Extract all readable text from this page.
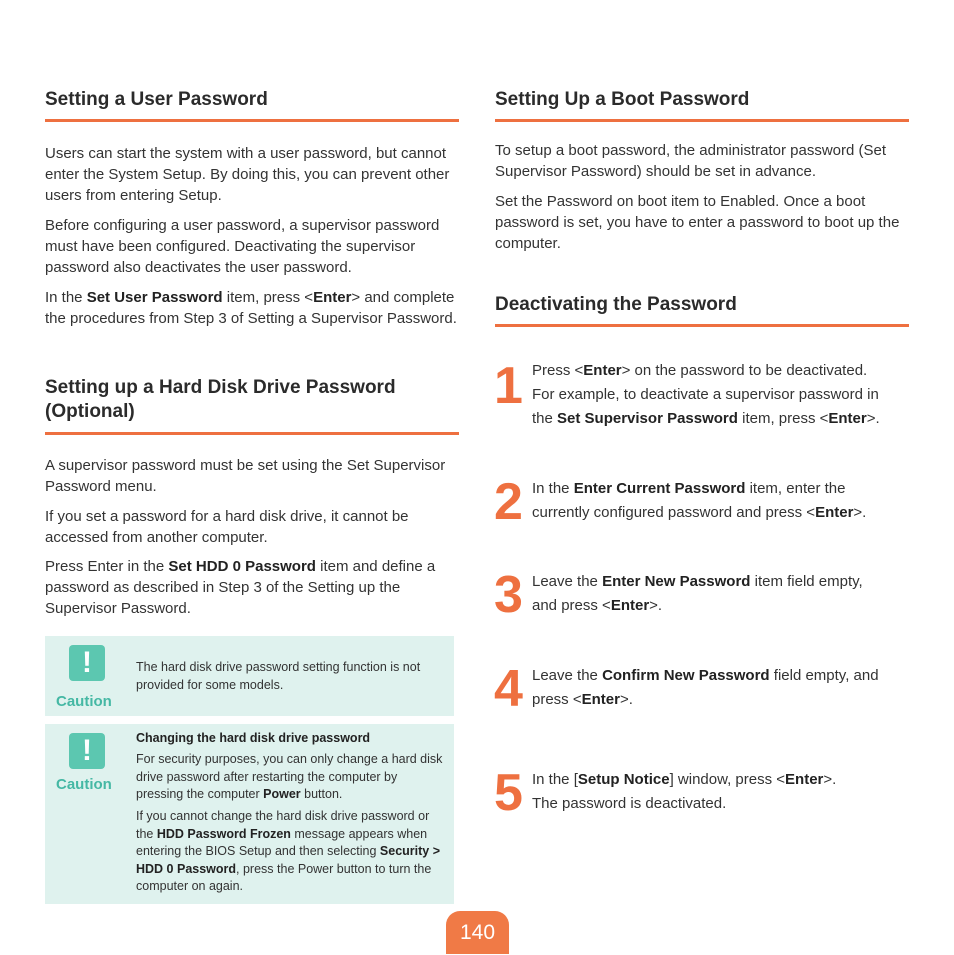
Setting a User Password

Users can start the system with a user password, but cannot enter the System Setup. By doing this, you can prevent other users from entering Setup.

Before configuring a user password, a supervisor password must have been configured. Deactivating the supervisor password also deactivates the user password.

In the Set User Password item, press <Enter> and complete the procedures from Step 3 of Setting a Supervisor Password.

Setting up a Hard Disk Drive Password
(Optional)

A supervisor password must be set using the Set Supervisor Password menu.

If you set a password for a hard disk drive, it cannot be accessed from another computer.

Press Enter in the Set HDD 0 Password item and define a password as described in Step 3 of the Setting up the Supervisor Password.

!
Caution

The hard disk drive password setting function is not provided for some models.

!
Caution

Changing the hard disk drive password

For security purposes, you can only change a hard disk drive password after restarting the computer by pressing the computer Power button.

If you cannot change the hard disk drive password or the HDD Password Frozen message appears when entering the BIOS Setup and then selecting Security > HDD 0 Password, press the Power button to turn the computer on again.

Setting Up a Boot Password

To setup a boot password, the administrator password (Set Supervisor Password) should be set in advance.

Set the Password on boot item to Enabled. Once a boot password is set, you have to enter a password to boot up the computer.

Deactivating the Password
1 Press <Enter> on the password to be deactivated.
For example, to deactivate a supervisor password in
the Set Supervisor Password item, press <Enter>.

2 In the Enter Current Password item, enter the
currently configured password and press <Enter>.

3 Leave the Enter New Password item field empty,
and press <Enter>.

4 Leave the Confirm New Password field empty, and
press <Enter>.

5 In the [Setup Notice] window, press <Enter>.
The password is deactivated.

140
